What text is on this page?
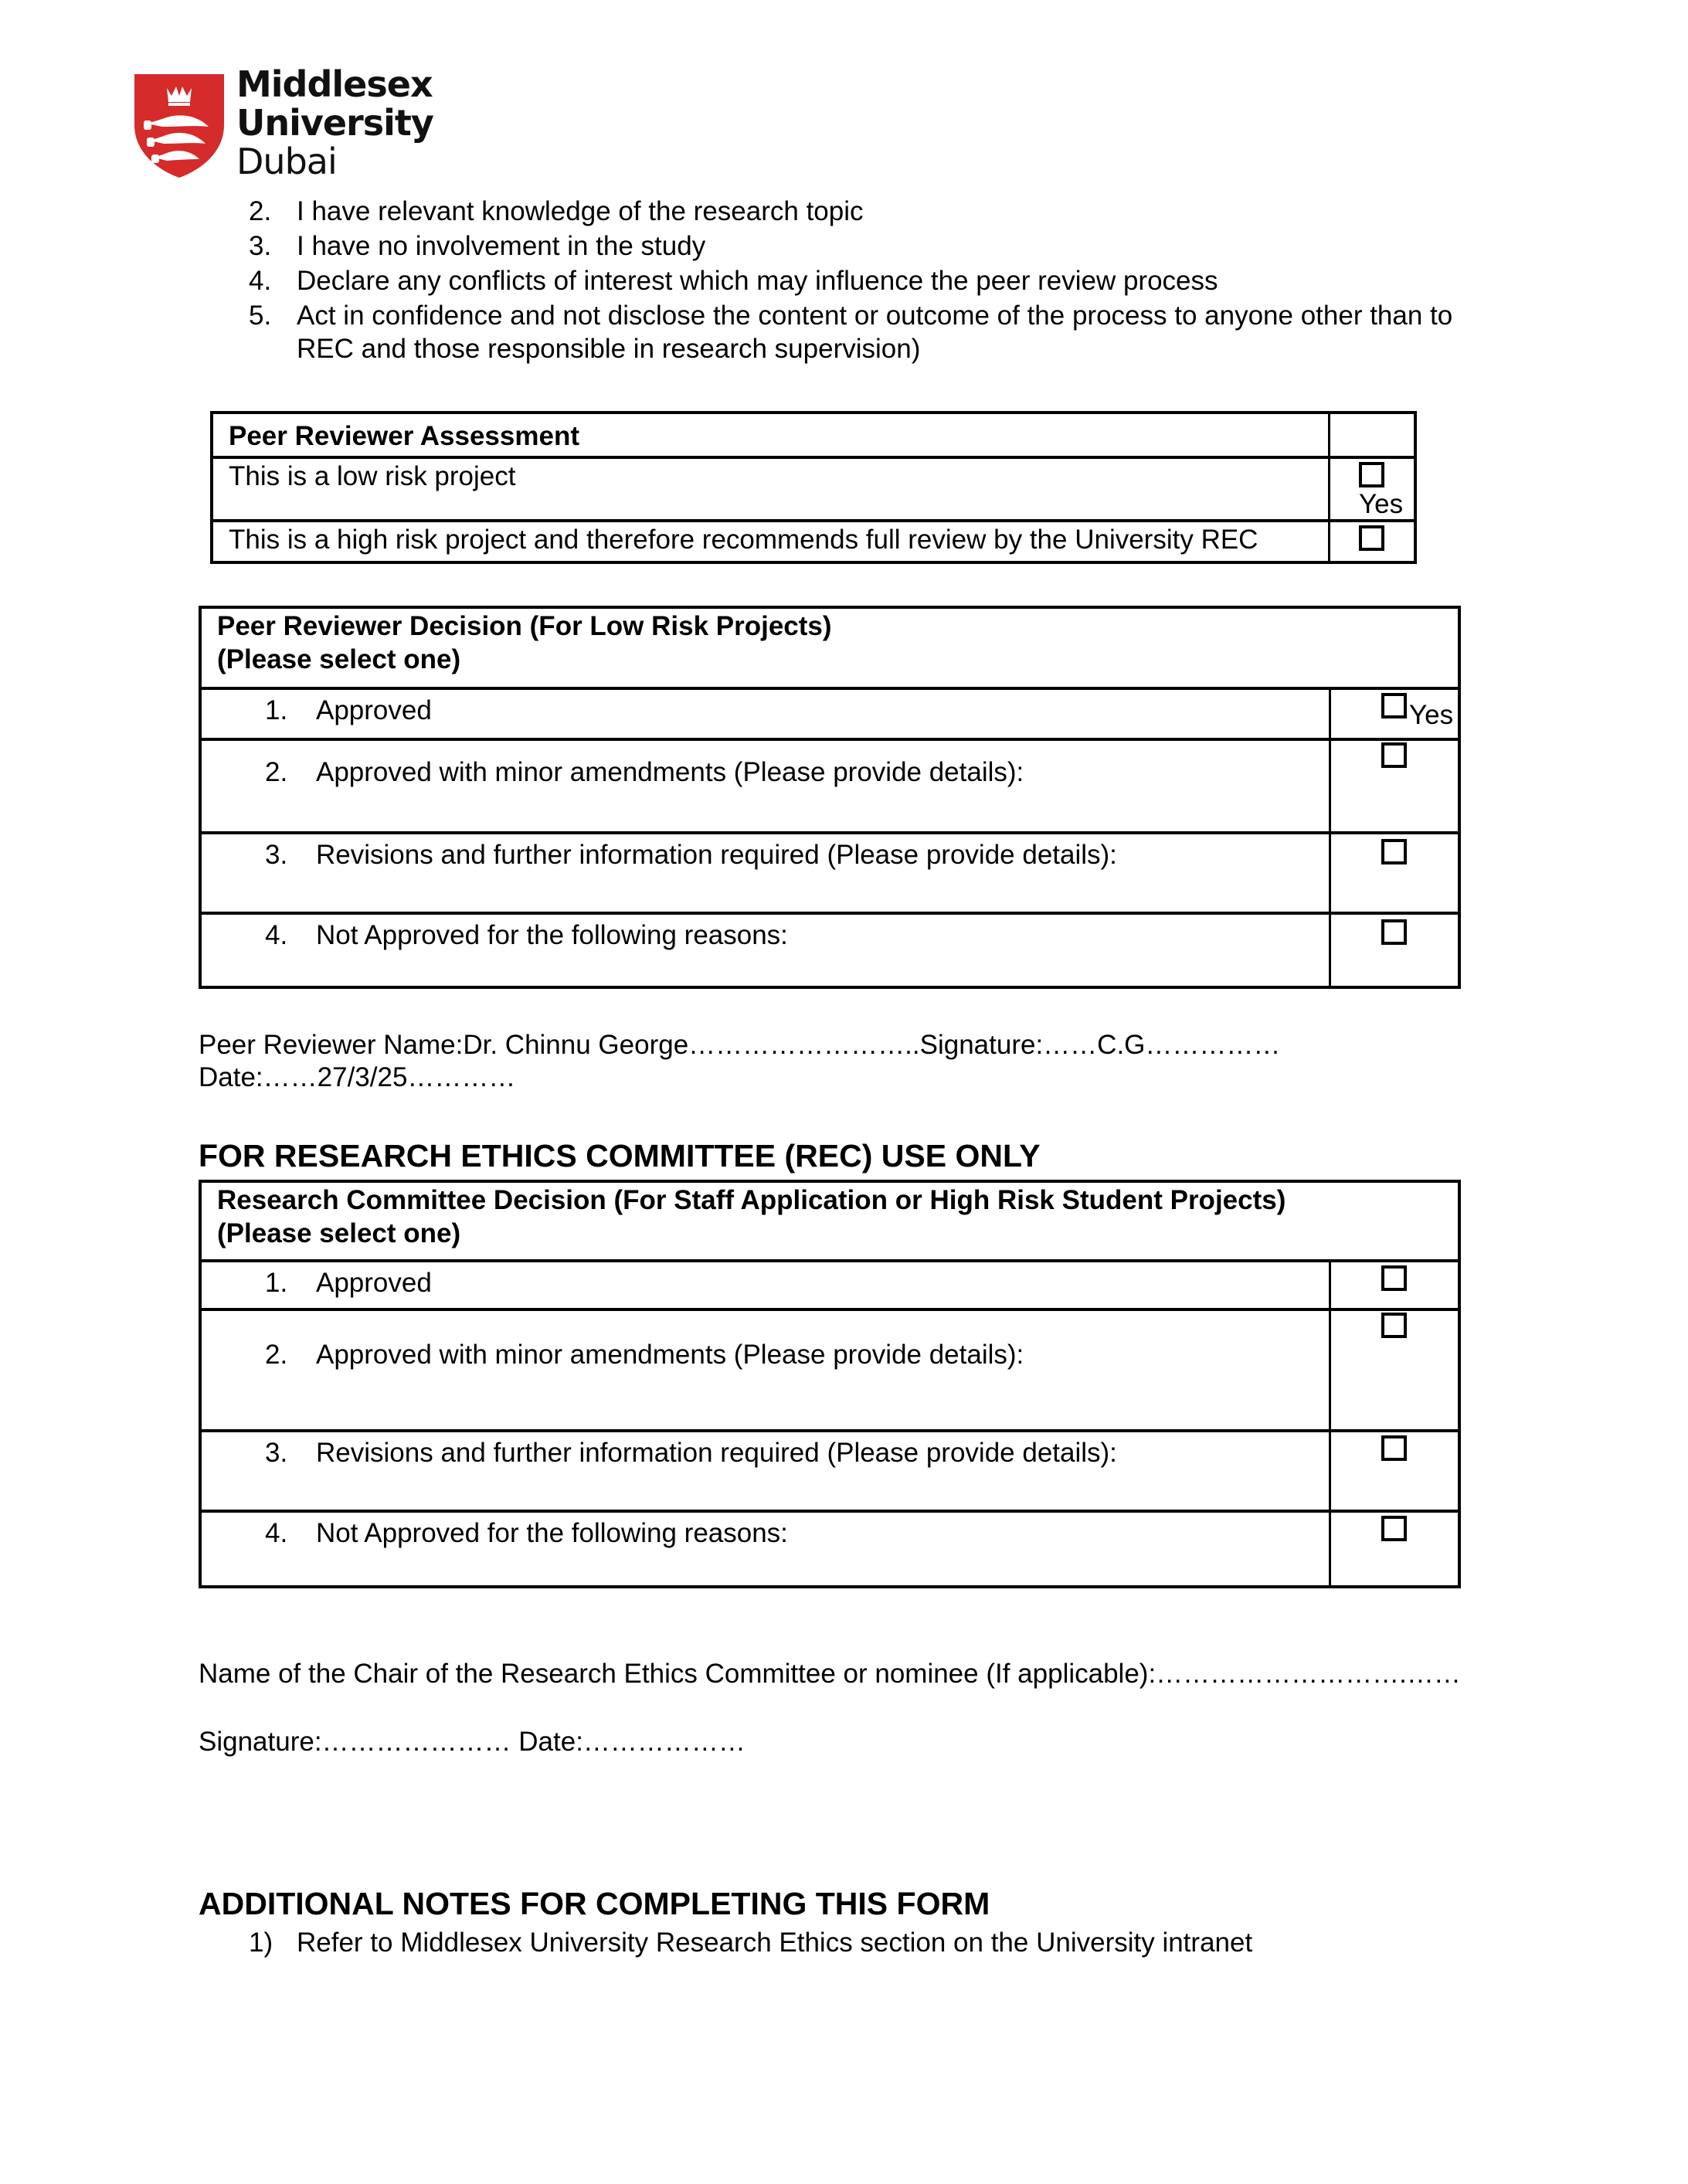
Middlesex
University
Dubai
2. I have relevant knowledge of the research topic
3. I have no involvement in the study
4. Declare any conflicts of interest which may influence the peer review process
5. Act in confidence and not disclose the content or outcome of the process to anyone other than to
REC and those responsible in research supervision)
Peer Reviewer Assessment
This is a low risk project
Yes
This is a high risk project and therefore recommends full review by the University REC
Peer Reviewer Decision (For Low Risk Projects)
(Please select one)
1. Approved	Yes
2. Approved with minor amendments (Please provide details):
3. Revisions and further information required (Please provide details):
4. Not Approved for the following reasons:
Peer Reviewer Name:Dr. Chinnu George……………………..Signature:……C.G……………
Date:……27/3/25…………
FOR RESEARCH ETHICS COMMITTEE (REC) USE ONLY
Research Committee Decision (For Staff Application or High Risk Student Projects)
(Please select one)
1. Approved
2. Approved with minor amendments (Please provide details):
3. Revisions and further information required (Please provide details):
4. Not Approved for the following reasons:
Name of the Chair of the Research Ethics Committee or nominee (If applicable):……………………….……
Signature:………………… Date:………………
ADDITIONAL NOTES FOR COMPLETING THIS FORM
1) Refer to Middlesex University Research Ethics section on the University intranet
